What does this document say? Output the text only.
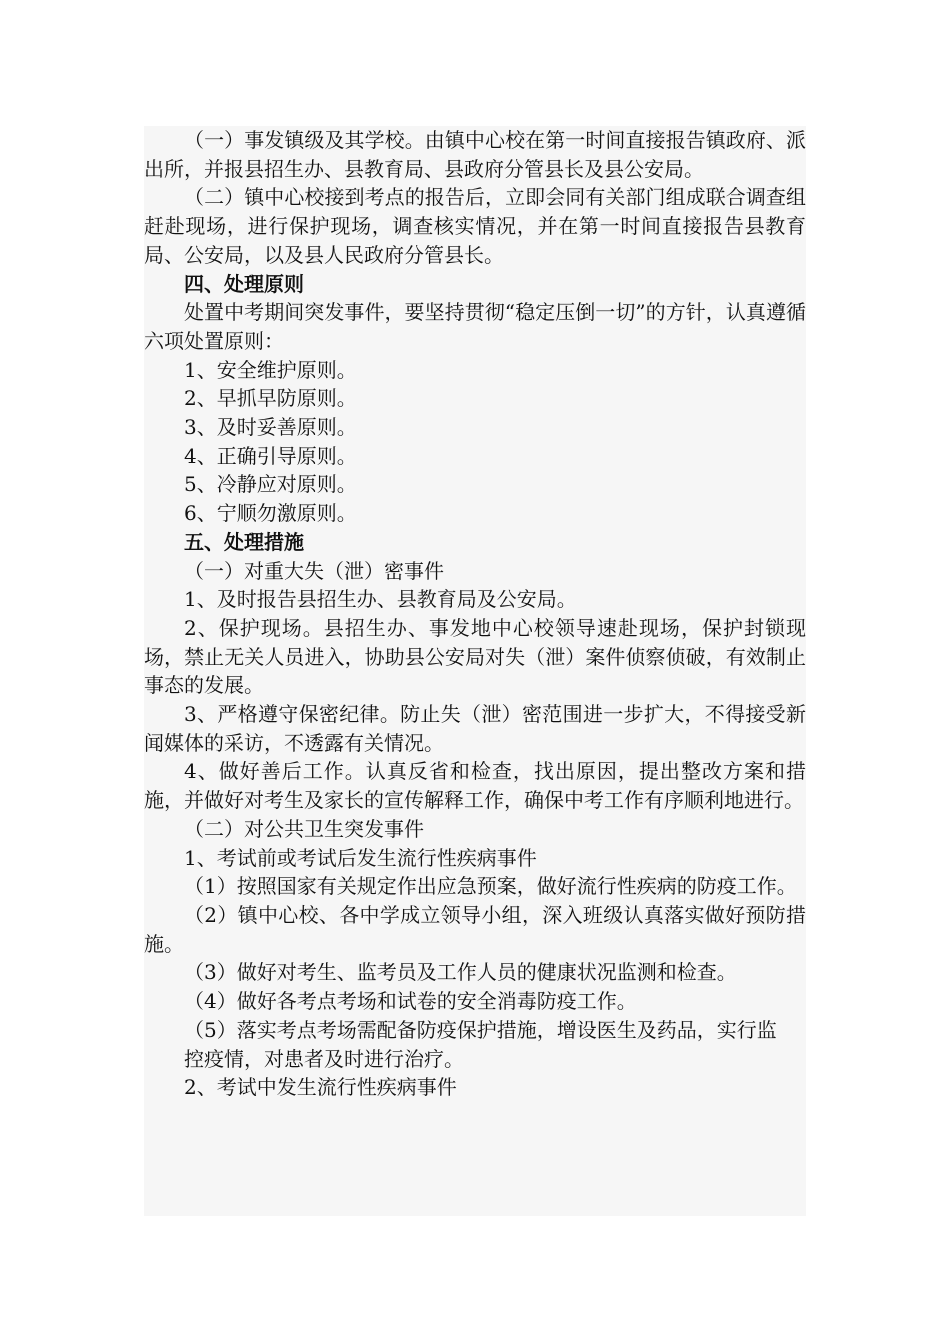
（一）事发镇级及其学校。由镇中心校在第一时间直接报告镇政府、派出所，并报县招生办、县教育局、县政府分管县长及县公安局。

（二）镇中心校接到考点的报告后，立即会同有关部门组成联合调查组赶赴现场，进行保护现场，调查核实情况，并在第一时间直接报告县教育局、公安局，以及县人民政府分管县长。

四、处理原则

处置中考期间突发事件，要坚持贯彻“稳定压倒一切”的方针，认真遵循六项处置原则：

1、安全维护原则。

2、早抓早防原则。

3、及时妥善原则。

4、正确引导原则。

5、冷静应对原则。

6、宁顺勿激原则。

五、处理措施

（一）对重大失（泄）密事件

1、及时报告县招生办、县教育局及公安局。

2、保护现场。县招生办、事发地中心校领导速赴现场，保护封锁现场，禁止无关人员进入，协助县公安局对失（泄）案件侦察侦破，有效制止事态的发展。

3、严格遵守保密纪律。防止失（泄）密范围进一步扩大，不得接受新闻媒体的采访，不透露有关情况。

4、做好善后工作。认真反省和检查，找出原因，提出整改方案和措施，并做好对考生及家长的宣传解释工作，确保中考工作有序顺利地进行。

（二）对公共卫生突发事件

1、考试前或考试后发生流行性疾病事件

（1）按照国家有关规定作出应急预案，做好流行性疾病的防疫工作。

（2）镇中心校、各中学成立领导小组，深入班级认真落实做好预防措施。

（3）做好对考生、监考员及工作人员的健康状况监测和检查。

（4）做好各考点考场和试卷的安全消毒防疫工作。

（5）落实考点考场需配备防疫保护措施，增设医生及药品，实行监

控疫情，对患者及时进行治疗。

2、考试中发生流行性疾病事件
